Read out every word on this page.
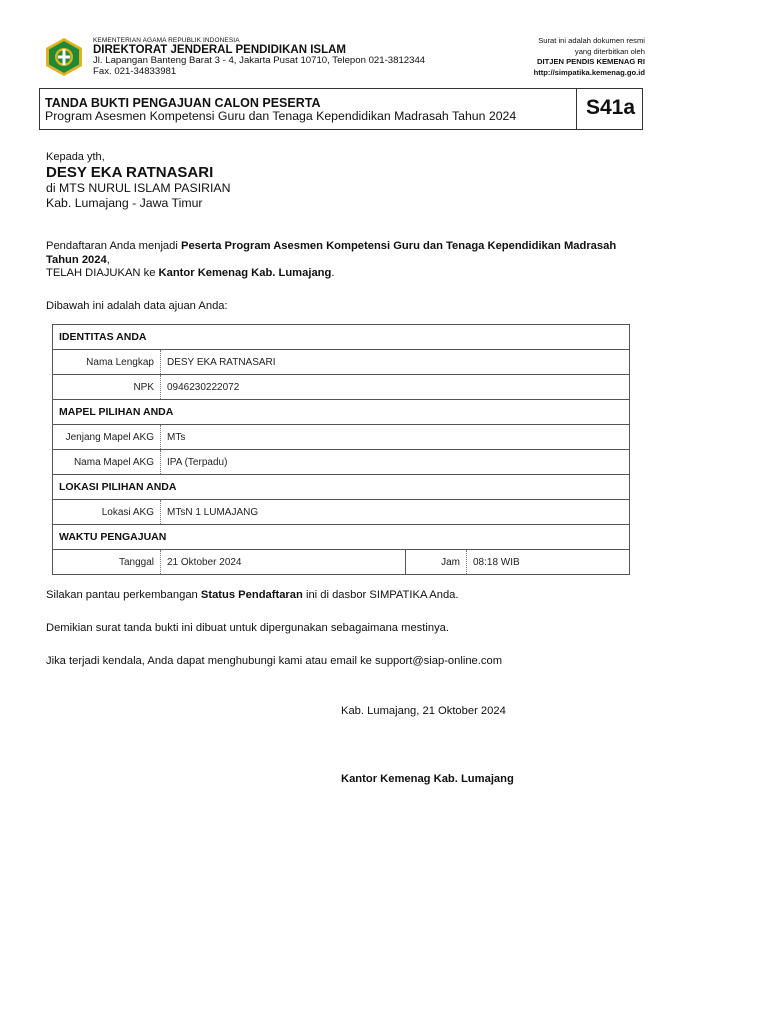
KEMENTERIAN AGAMA REPUBLIK INDONESIA
DIREKTORAT JENDERAL PENDIDIKAN ISLAM
Jl. Lapangan Banteng Barat 3 - 4, Jakarta Pusat 10710, Telepon 021-3812344
Fax. 021-34833981
Surat ini adalah dokumen resmi
yang diterbitkan oleh
DITJEN PENDIS KEMENAG RI
http://simpatika.kemenag.go.id
TANDA BUKTI PENGAJUAN CALON PESERTA
Program Asesmen Kompetensi Guru dan Tenaga Kependidikan Madrasah Tahun 2024	S41a
Kepada yth,
DESY EKA RATNASARI
di MTS NURUL ISLAM PASIRIAN
Kab. Lumajang - Jawa Timur
Pendaftaran Anda menjadi Peserta Program Asesmen Kompetensi Guru dan Tenaga Kependidikan Madrasah Tahun 2024,
TELAH DIAJUKAN ke Kantor Kemenag Kab. Lumajang.
Dibawah ini adalah data ajuan Anda:
IDENTITAS ANDA			
Nama Lengkap	DESY EKA RATNASARI		
NPK	0946230222072		
MAPEL PILIHAN ANDA			
Jenjang Mapel AKG	MTs		
Nama Mapel AKG	IPA (Terpadu)		
LOKASI PILIHAN ANDA			
Lokasi AKG	MTsN 1 LUMAJANG		
WAKTU PENGAJUAN			
Tanggal	21 Oktober 2024	Jam	08:18 WIB
Silakan pantau perkembangan Status Pendaftaran ini di dasbor SIMPATIKA Anda.
Demikian surat tanda bukti ini dibuat untuk dipergunakan sebagaimana mestinya.
Jika terjadi kendala, Anda dapat menghubungi kami atau email ke support@siap-online.com
Kab. Lumajang, 21 Oktober 2024
Kantor Kemenag Kab. Lumajang
